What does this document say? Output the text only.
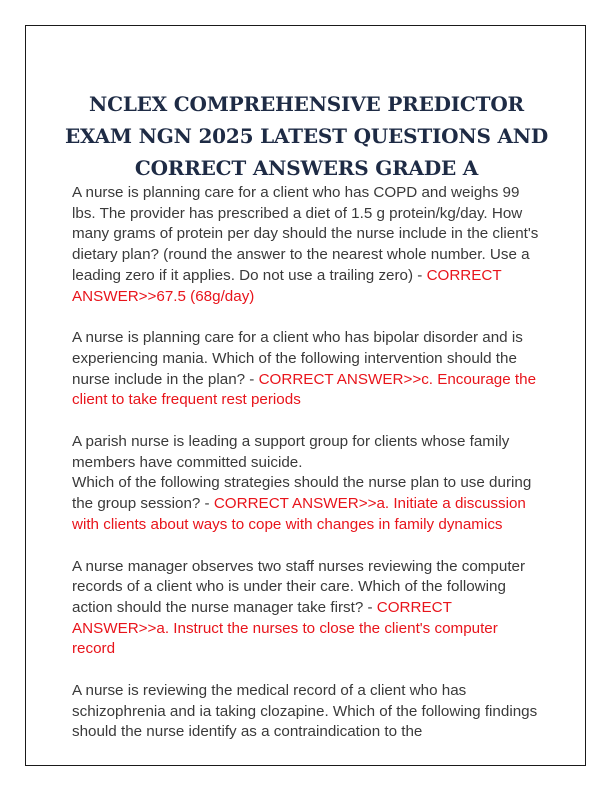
NCLEX COMPREHENSIVE PREDICTOR
EXAM NGN 2025 LATEST QUESTIONS AND
CORRECT ANSWERS GRADE A

A nurse is planning care for a client who has COPD and weighs 99 lbs. The provider has prescribed a diet of 1.5 g protein/kg/day. How many grams of protein per day should the nurse include in the client's dietary plan? (round the answer to the nearest whole number. Use a leading zero if it applies. Do not use a trailing zero) - CORRECT ANSWER>>67.5 (68g/day)

A nurse is planning care for a client who has bipolar disorder and is experiencing mania. Which of the following intervention should the nurse include in the plan? - CORRECT ANSWER>>c. Encourage the client to take frequent rest periods

A parish nurse is leading a support group for clients whose family members have committed suicide.
Which of the following strategies should the nurse plan to use during the group session? - CORRECT ANSWER>>a. Initiate a discussion with clients about ways to cope with changes in family dynamics

A nurse manager observes two staff nurses reviewing the computer records of a client who is under their care. Which of the following action should the nurse manager take first? - CORRECT ANSWER>>a. Instruct the nurses to close the client's computer record

A nurse is reviewing the medical record of a client who has schizophrenia and ia taking clozapine. Which of the following findings should the nurse identify as a contraindication to the
